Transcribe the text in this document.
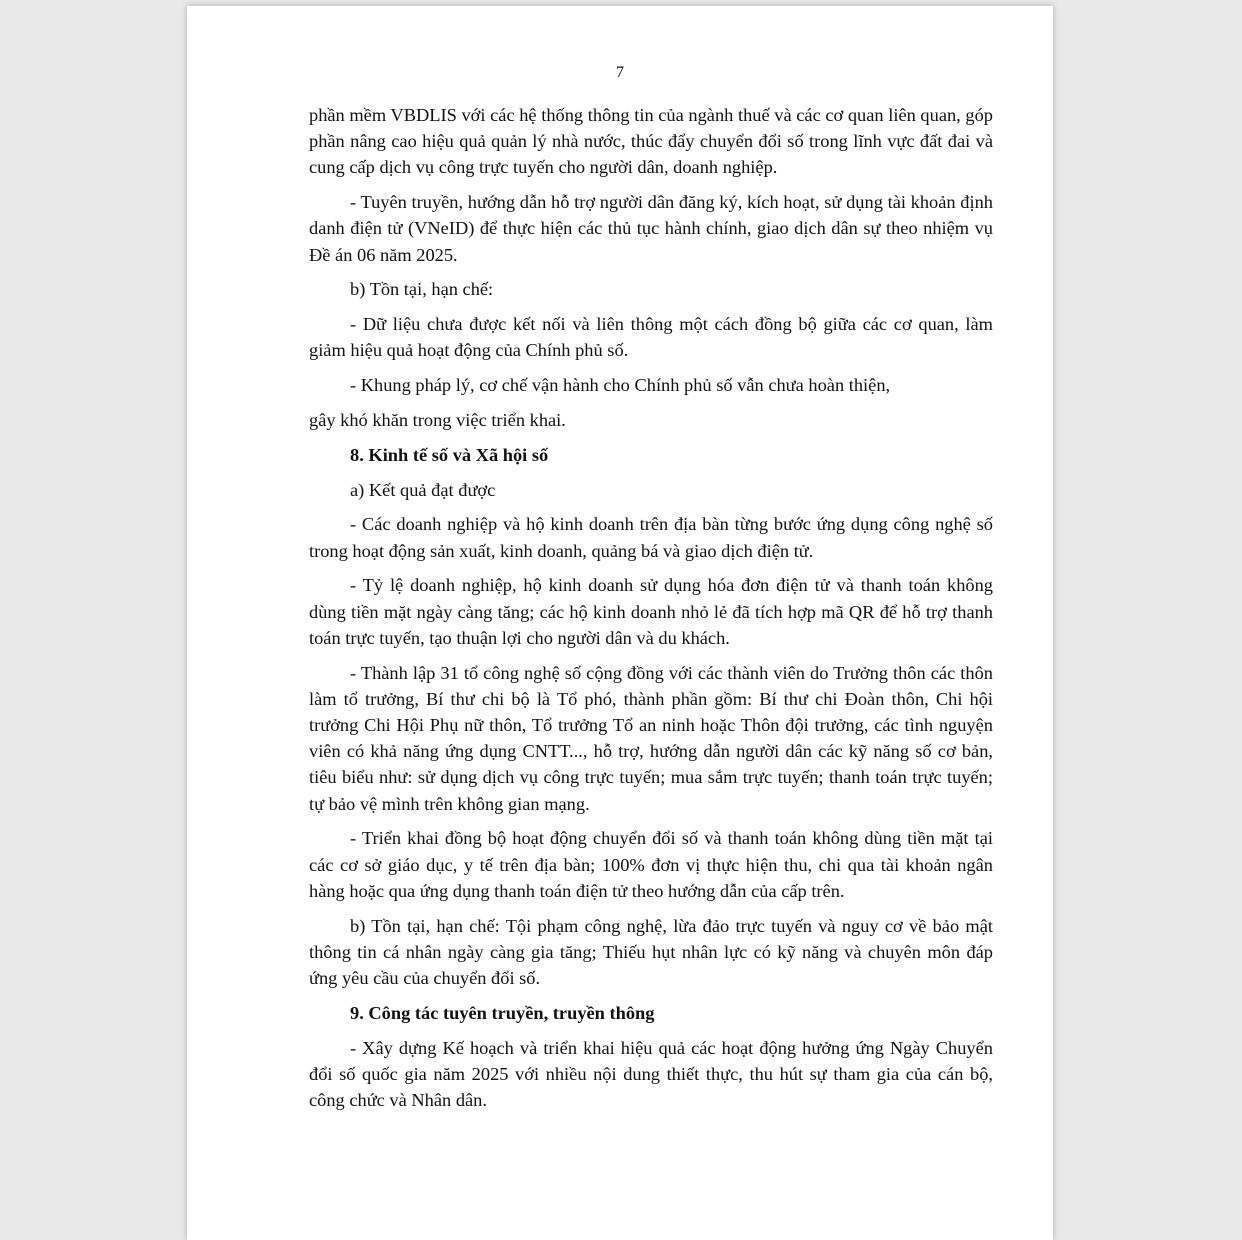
7

phần mềm VBDLIS với các hệ thống thông tin của ngành thuế và các cơ quan liên quan, góp phần nâng cao hiệu quả quản lý nhà nước, thúc đẩy chuyển đổi số trong lĩnh vực đất đai và cung cấp dịch vụ công trực tuyến cho người dân, doanh nghiệp.

- Tuyên truyền, hướng dẫn hỗ trợ người dân đăng ký, kích hoạt, sử dụng tài khoản định danh điện tử (VNeID) để thực hiện các thủ tục hành chính, giao dịch dân sự theo nhiệm vụ Đề án 06 năm 2025.

b) Tồn tại, hạn chế:

- Dữ liệu chưa được kết nối và liên thông một cách đồng bộ giữa các cơ quan, làm giảm hiệu quả hoạt động của Chính phủ số.

- Khung pháp lý, cơ chế vận hành cho Chính phủ số vẫn chưa hoàn thiện,

gây khó khăn trong việc triển khai.

8. Kinh tế số và Xã hội số

a) Kết quả đạt được

- Các doanh nghiệp và hộ kinh doanh trên địa bàn từng bước ứng dụng công nghệ số trong hoạt động sản xuất, kinh doanh, quảng bá và giao dịch điện tử.

- Tỷ lệ doanh nghiệp, hộ kinh doanh sử dụng hóa đơn điện tử và thanh toán không dùng tiền mặt ngày càng tăng; các hộ kinh doanh nhỏ lẻ đã tích hợp mã QR để hỗ trợ thanh toán trực tuyến, tạo thuận lợi cho người dân và du khách.

- Thành lập 31 tổ công nghệ số cộng đồng với các thành viên do Trưởng thôn các thôn làm tổ trưởng, Bí thư chi bộ là Tổ phó, thành phần gồm: Bí thư chi Đoàn thôn, Chi hội trưởng Chi Hội Phụ nữ thôn, Tổ trưởng Tổ an ninh hoặc Thôn đội trưởng, các tình nguyện viên có khả năng ứng dụng CNTT..., hỗ trợ, hướng dẫn người dân các kỹ năng số cơ bản, tiêu biểu như: sử dụng dịch vụ công trực tuyến; mua sắm trực tuyến; thanh toán trực tuyến; tự bảo vệ mình trên không gian mạng.

- Triển khai đồng bộ hoạt động chuyển đổi số và thanh toán không dùng tiền mặt tại các cơ sở giáo dục, y tế trên địa bàn; 100% đơn vị thực hiện thu, chi qua tài khoản ngân hàng hoặc qua ứng dụng thanh toán điện tử theo hướng dẫn của cấp trên.

b) Tồn tại, hạn chế: Tội phạm công nghệ, lừa đảo trực tuyến và nguy cơ về bảo mật thông tin cá nhân ngày càng gia tăng; Thiếu hụt nhân lực có kỹ năng và chuyên môn đáp ứng yêu cầu của chuyển đổi số.

9. Công tác tuyên truyền, truyền thông

- Xây dựng Kế hoạch và triển khai hiệu quả các hoạt động hưởng ứng Ngày Chuyển đổi số quốc gia năm 2025 với nhiều nội dung thiết thực, thu hút sự tham gia của cán bộ, công chức và Nhân dân.
